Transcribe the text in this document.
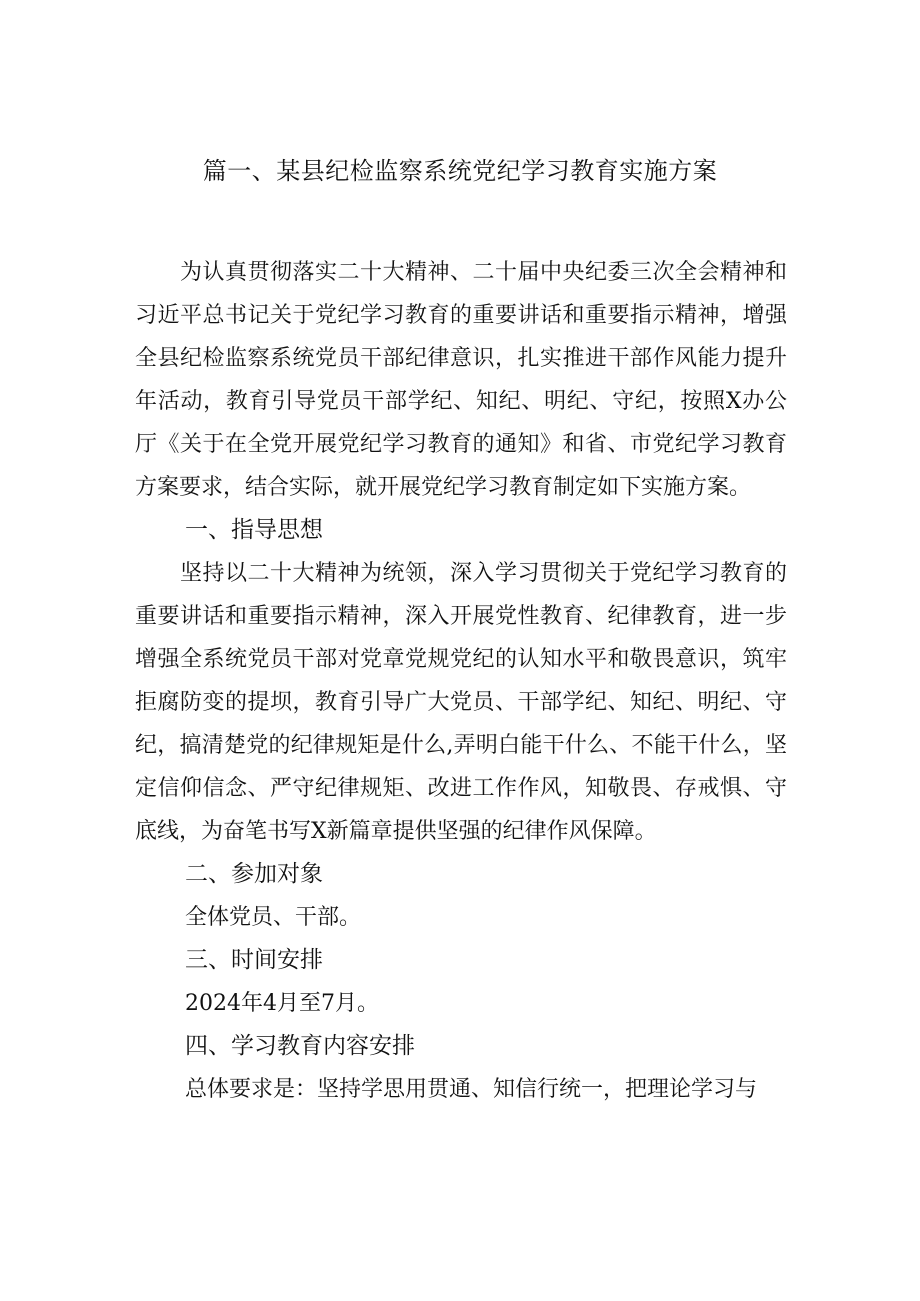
篇一、某县纪检监察系统党纪学习教育实施方案

为认真贯彻落实二十大精神、二十届中央纪委三次全会精神和习近平总书记关于党纪学习教育的重要讲话和重要指示精神，增强全县纪检监察系统党员干部纪律意识，扎实推进干部作风能力提升年活动，教育引导党员干部学纪、知纪、明纪、守纪，按照X办公厅《关于在全党开展党纪学习教育的通知》和省、市党纪学习教育方案要求，结合实际，就开展党纪学习教育制定如下实施方案。

一、指导思想

坚持以二十大精神为统领，深入学习贯彻关于党纪学习教育的重要讲话和重要指示精神，深入开展党性教育、纪律教育，进一步增强全系统党员干部对党章党规党纪的认知水平和敬畏意识，筑牢拒腐防变的提坝，教育引导广大党员、干部学纪、知纪、明纪、守纪，搞清楚党的纪律规矩是什么,弄明白能干什么、不能干什么，坚定信仰信念、严守纪律规矩、改进工作作风，知敬畏、存戒惧、守底线，为奋笔书写X新篇章提供坚强的纪律作风保障。

二、参加对象

全体党员、干部。

三、时间安排

2024年4月至7月。

四、学习教育内容安排

总体要求是：坚持学思用贯通、知信行统一，把理论学习与
